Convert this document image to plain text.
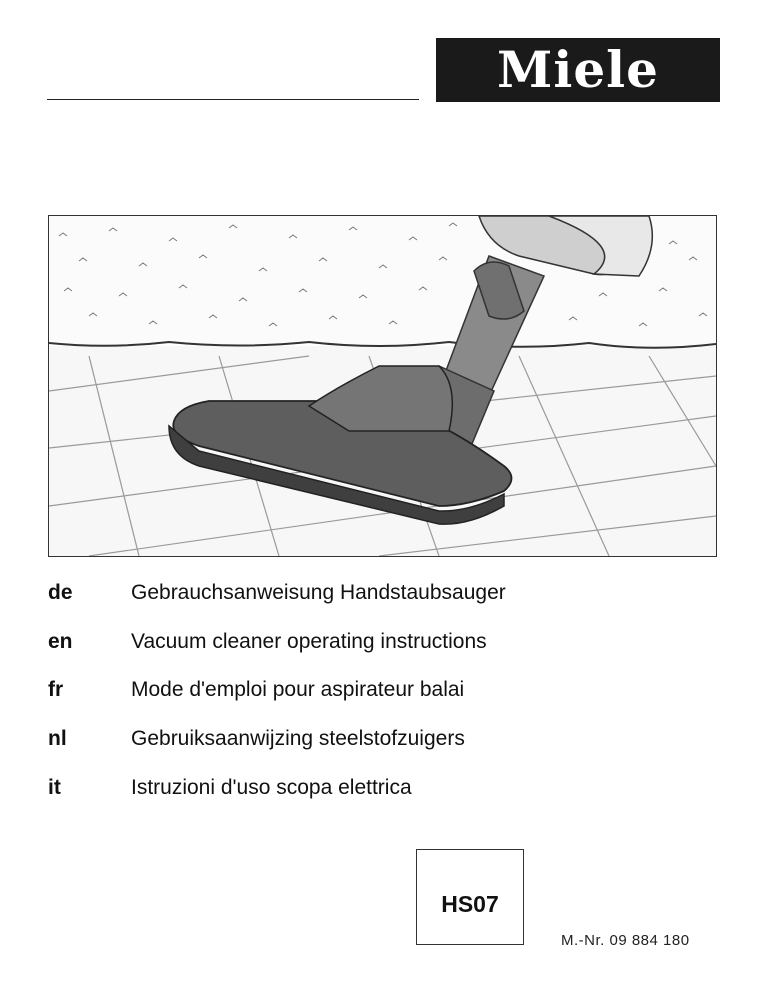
Miele
de	Gebrauchsanweisung Handstaubsauger
en	Vacuum cleaner operating instructions
fr	Mode d'emploi pour aspirateur balai
nl	Gebruiksaanwijzing steelstofzuigers
it	Istruzioni d'uso scopa elettrica
HS07
M.-Nr. 09 884 180
